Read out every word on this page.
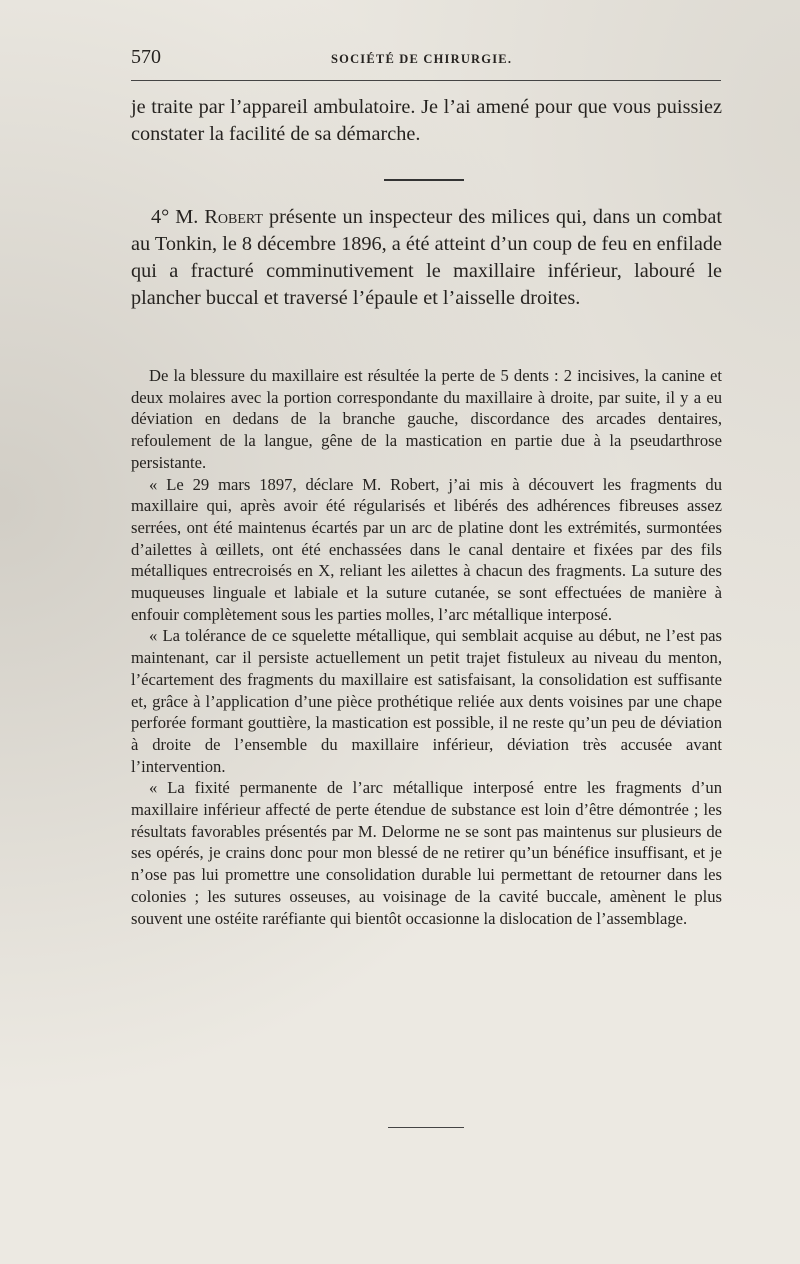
570	SOCIÉTÉ DE CHIRURGIE.

je traite par l’appareil ambulatoire. Je l’ai amené pour que vous puissiez constater la facilité de sa démarche.

4° M. Robert présente un inspecteur des milices qui, dans un combat au Tonkin, le 8 décembre 1896, a été atteint d’un coup de feu en enfilade qui a fracturé comminutivement le maxillaire inférieur, labouré le plancher buccal et traversé l’épaule et l’aisselle droites.

De la blessure du maxillaire est résultée la perte de 5 dents : 2 incisives, la canine et deux molaires avec la portion correspondante du maxillaire à droite, par suite, il y a eu déviation en dedans de la branche gauche, discordance des arcades dentaires, refoulement de la langue, gêne de la mastication en partie due à la pseudarthrose persistante.

« Le 29 mars 1897, déclare M. Robert, j’ai mis à découvert les fragments du maxillaire qui, après avoir été régularisés et libérés des adhérences fibreuses assez serrées, ont été maintenus écartés par un arc de platine dont les extrémités, surmontées d’ailettes à œillets, ont été enchassées dans le canal dentaire et fixées par des fils métalliques entrecroisés en X, reliant les ailettes à chacun des fragments. La suture des muqueuses linguale et labiale et la suture cutanée, se sont effectuées de manière à enfouir complètement sous les parties molles, l’arc métallique interposé.

« La tolérance de ce squelette métallique, qui semblait acquise au début, ne l’est pas maintenant, car il persiste actuellement un petit trajet fistuleux au niveau du menton, l’écartement des fragments du maxillaire est satisfaisant, la consolidation est suffisante et, grâce à l’application d’une pièce prothétique reliée aux dents voisines par une chape perforée formant gouttière, la mastication est possible, il ne reste qu’un peu de déviation à droite de l’ensemble du maxillaire inférieur, déviation très accusée avant l’intervention.

« La fixité permanente de l’arc métallique interposé entre les fragments d’un maxillaire inférieur affecté de perte étendue de substance est loin d’être démontrée ; les résultats favorables présentés par M. Delorme ne se sont pas maintenus sur plusieurs de ses opérés, je crains donc pour mon blessé de ne retirer qu’un bénéfice insuffisant, et je n’ose pas lui promettre une consolidation durable lui permettant de retourner dans les colonies ; les sutures osseuses, au voisinage de la cavité buccale, amènent le plus souvent une ostéite raréfiante qui bientôt occasionne la dislocation de l’assemblage.
